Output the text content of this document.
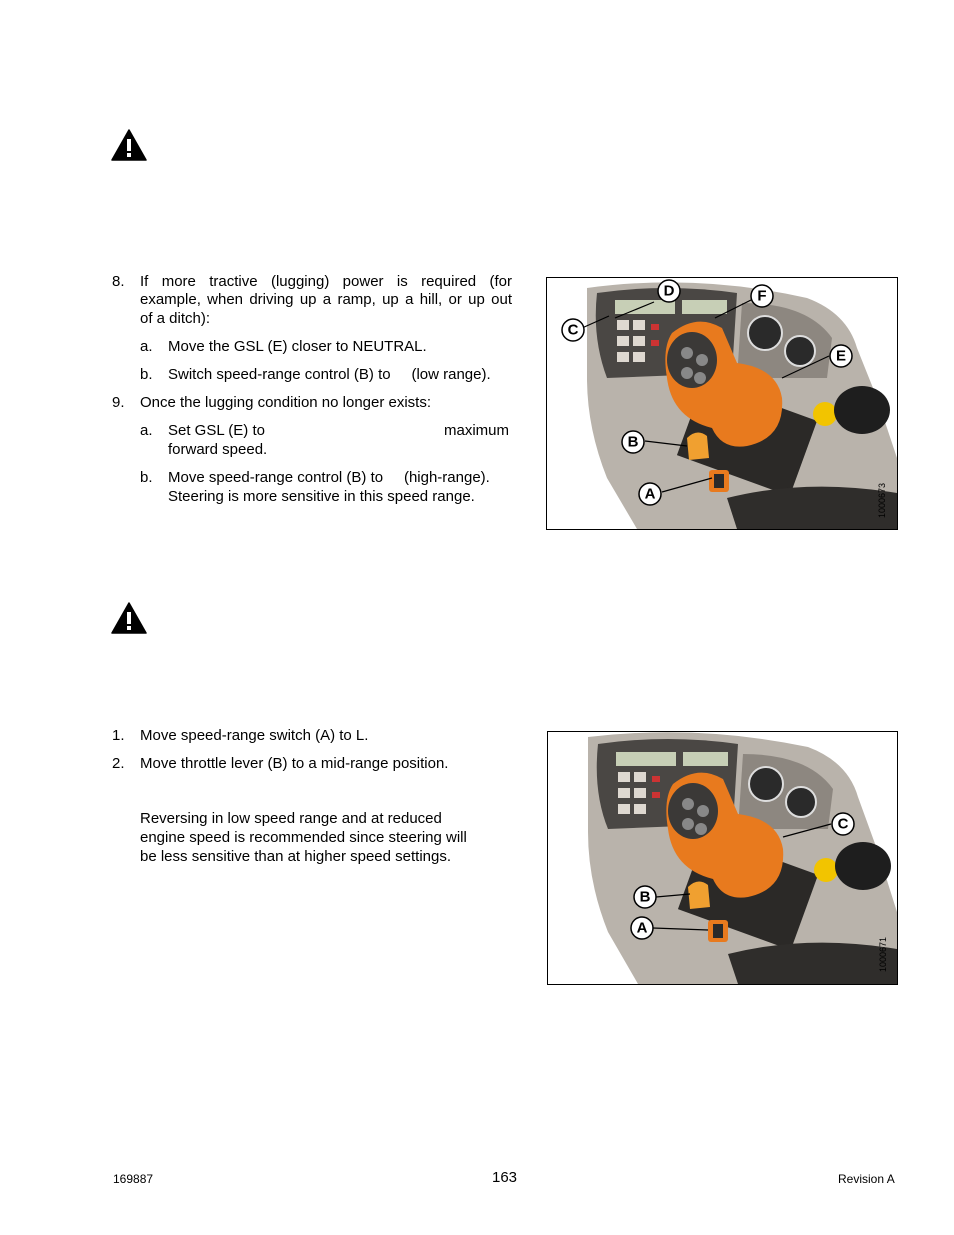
8.	If more tractive (lugging) power is required (for
example, when driving up a ramp, up a hill, or up out
of a ditch):
a. Move the GSL (E) closer to NEUTRAL.
b. Switch speed-range control (B) to     (low range).
9.	Once the lugging condition no longer exists:
a. Set GSL (E) to	maximum
forward speed.
b. Move speed-range control (B) to     (high-range).
Steering is more sensitive in this speed range.
D	F
C
E
B
A	1000673
1.	Move speed-range switch (A) to L.
2.	Move throttle lever (B) to a mid-range position.
Reversing in low speed range and at reduced
engine speed is recommended since steering will
be less sensitive than at higher speed settings.
C
B
A
1000671
169887	163	Revision A
